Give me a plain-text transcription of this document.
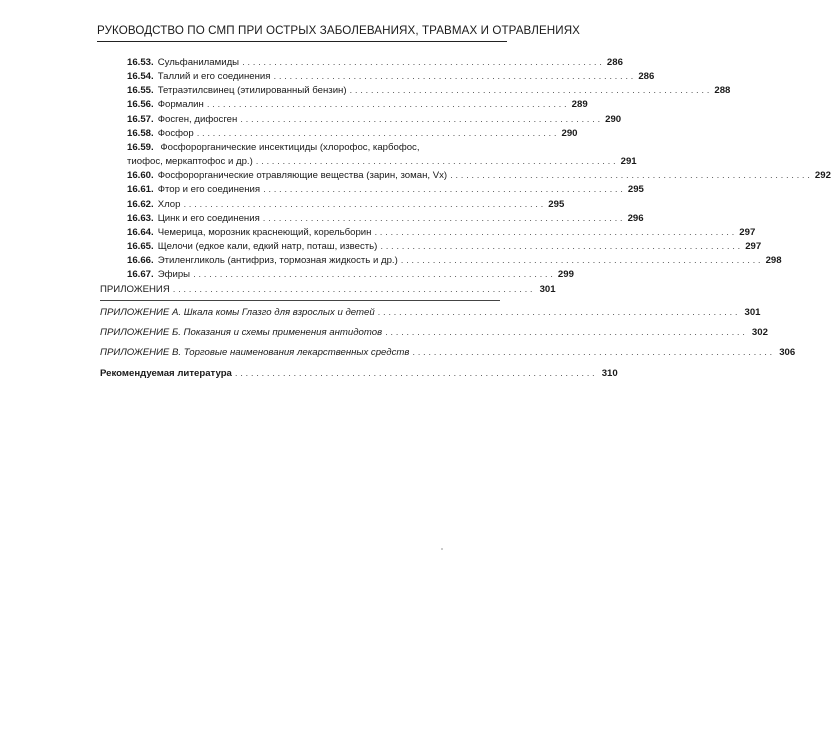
РУКОВОДСТВО ПО СМП ПРИ ОСТРЫХ ЗАБОЛЕВАНИЯХ, ТРАВМАХ И ОТРАВЛЕНИЯХ
16.53. Сульфаниламиды . . .	286
16.54. Таллий и его соединения . . .	286
16.55. Тетраэтилсвинец (этилированный бензин) . . .	288
16.56. Формалин . . .	289
16.57. Фосген, дифосген . . .	290
16.58. Фосфор . . .	290
16.59. Фосфорорганические инсектициды (хлорофос, карбофос,
тиофос, меркаптофос и др.) . . .	291
16.60. Фосфорорганические отравляющие вещества (зарин, зоман, Vx) . . .	292
16.61. Фтор и его соединения . . .	295
16.62. Хлор . . .	295
16.63. Цинк и его соединения . . .	296
16.64. Чемерица, морозник краснеющий, корельборин . . .	297
16.65. Щелочи (едкое кали, едкий натр, поташ, известь) . . .	297
16.66. Этиленгликоль (антифриз, тормозная жидкость и др.) . . .	298
16.67. Эфиры . . .	299
ПРИЛОЖЕНИЯ . . .	301
ПРИЛОЖЕНИЕ А. Шкала комы Глазго для взрослых и детей . . .	301
ПРИЛОЖЕНИЕ Б. Показания и схемы применения антидотов . . .	302
ПРИЛОЖЕНИЕ В. Торговые наименования лекарственных средств . . .	306
Рекомендуемая литература . . .	310
